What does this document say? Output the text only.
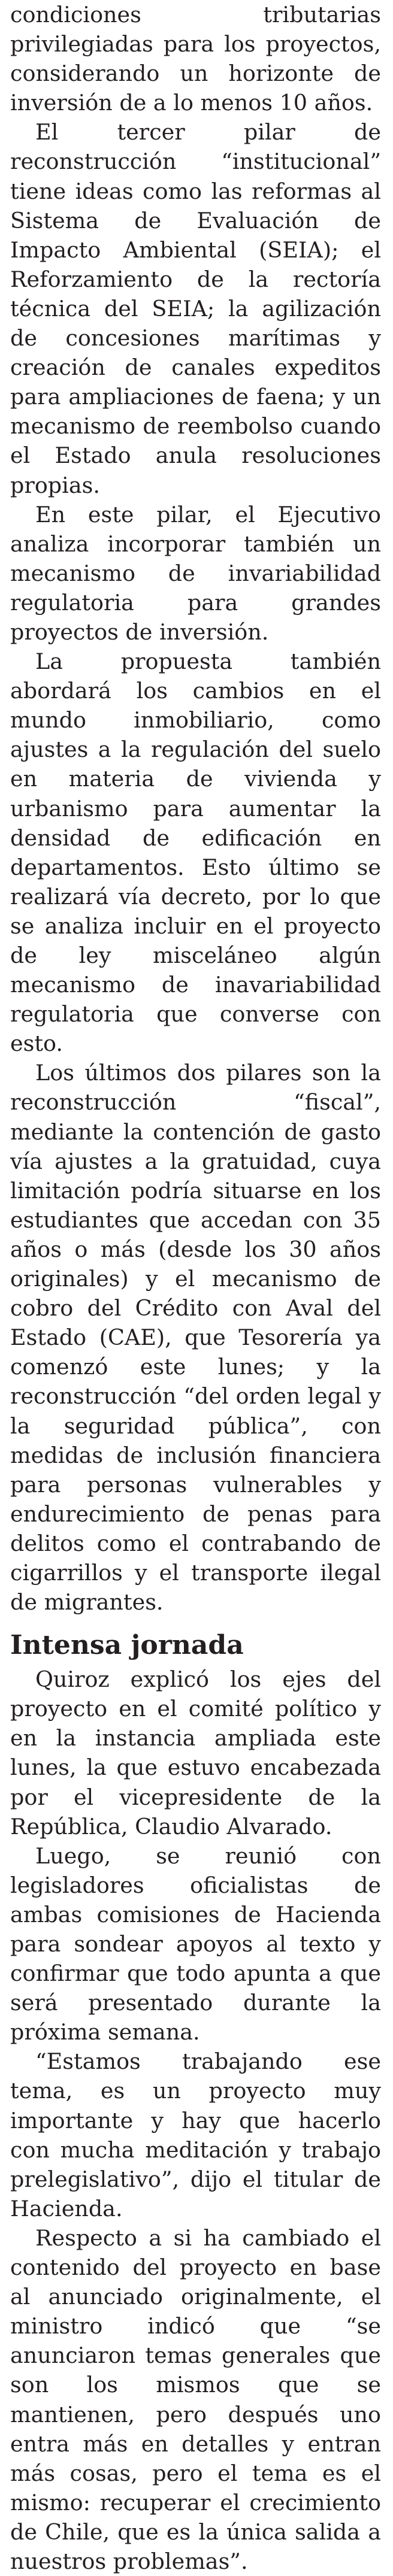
condiciones tributarias privilegiadas para los proyectos, considerando un horizonte de inversión de a lo menos 10 años.

El tercer pilar de reconstrucción “institucional” tiene ideas como las reformas al Sistema de Evaluación de Impacto Ambiental (SEIA); el Reforzamiento de la rectoría técnica del SEIA; la agilización de concesiones marítimas y creación de canales expeditos para ampliaciones de faena; y un mecanismo de reembolso cuando el Estado anula resoluciones propias.

En este pilar, el Ejecutivo analiza incorporar también un mecanismo de invariabilidad regulatoria para grandes proyectos de inversión.

La propuesta también abordará los cambios en el mundo inmobiliario, como ajustes a la regulación del suelo en materia de vivienda y urbanismo para aumentar la densidad de edificación en departamentos. Esto último se realizará vía decreto, por lo que se analiza incluir en el proyecto de ley misceláneo algún mecanismo de inavariabilidad regulatoria que converse con esto.

Los últimos dos pilares son la reconstrucción “fiscal”, mediante la contención de gasto vía ajustes a la gratuidad, cuya limitación podría situarse en los estudiantes que accedan con 35 años o más (desde los 30 años originales) y el mecanismo de cobro del Crédito con Aval del Estado (CAE), que Tesorería ya comenzó este lunes; y la reconstrucción “del orden legal y la seguridad pública”, con medidas de inclusión financiera para personas vulnerables y endurecimiento de penas para delitos como el contrabando de cigarrillos y el transporte ilegal de migrantes.

Intensa jornada

Quiroz explicó los ejes del proyecto en el comité político y en la instancia ampliada este lunes, la que estuvo encabezada por el vicepresidente de la República, Claudio Alvarado.

Luego, se reunió con legisladores oficialistas de ambas comisiones de Hacienda para sondear apoyos al texto y confirmar que todo apunta a que será presentado durante la próxima semana.

“Estamos trabajando ese tema, es un proyecto muy importante y hay que hacerlo con mucha meditación y trabajo prelegislativo”, dijo el titular de Hacienda.

Respecto a si ha cambiado el contenido del proyecto en base al anunciado originalmente, el ministro indicó que “se anunciaron temas generales que son los mismos que se mantienen, pero después uno entra más en detalles y entran más cosas, pero el tema es el mismo: recuperar el crecimiento de Chile, que es la única salida a nuestros problemas”.
